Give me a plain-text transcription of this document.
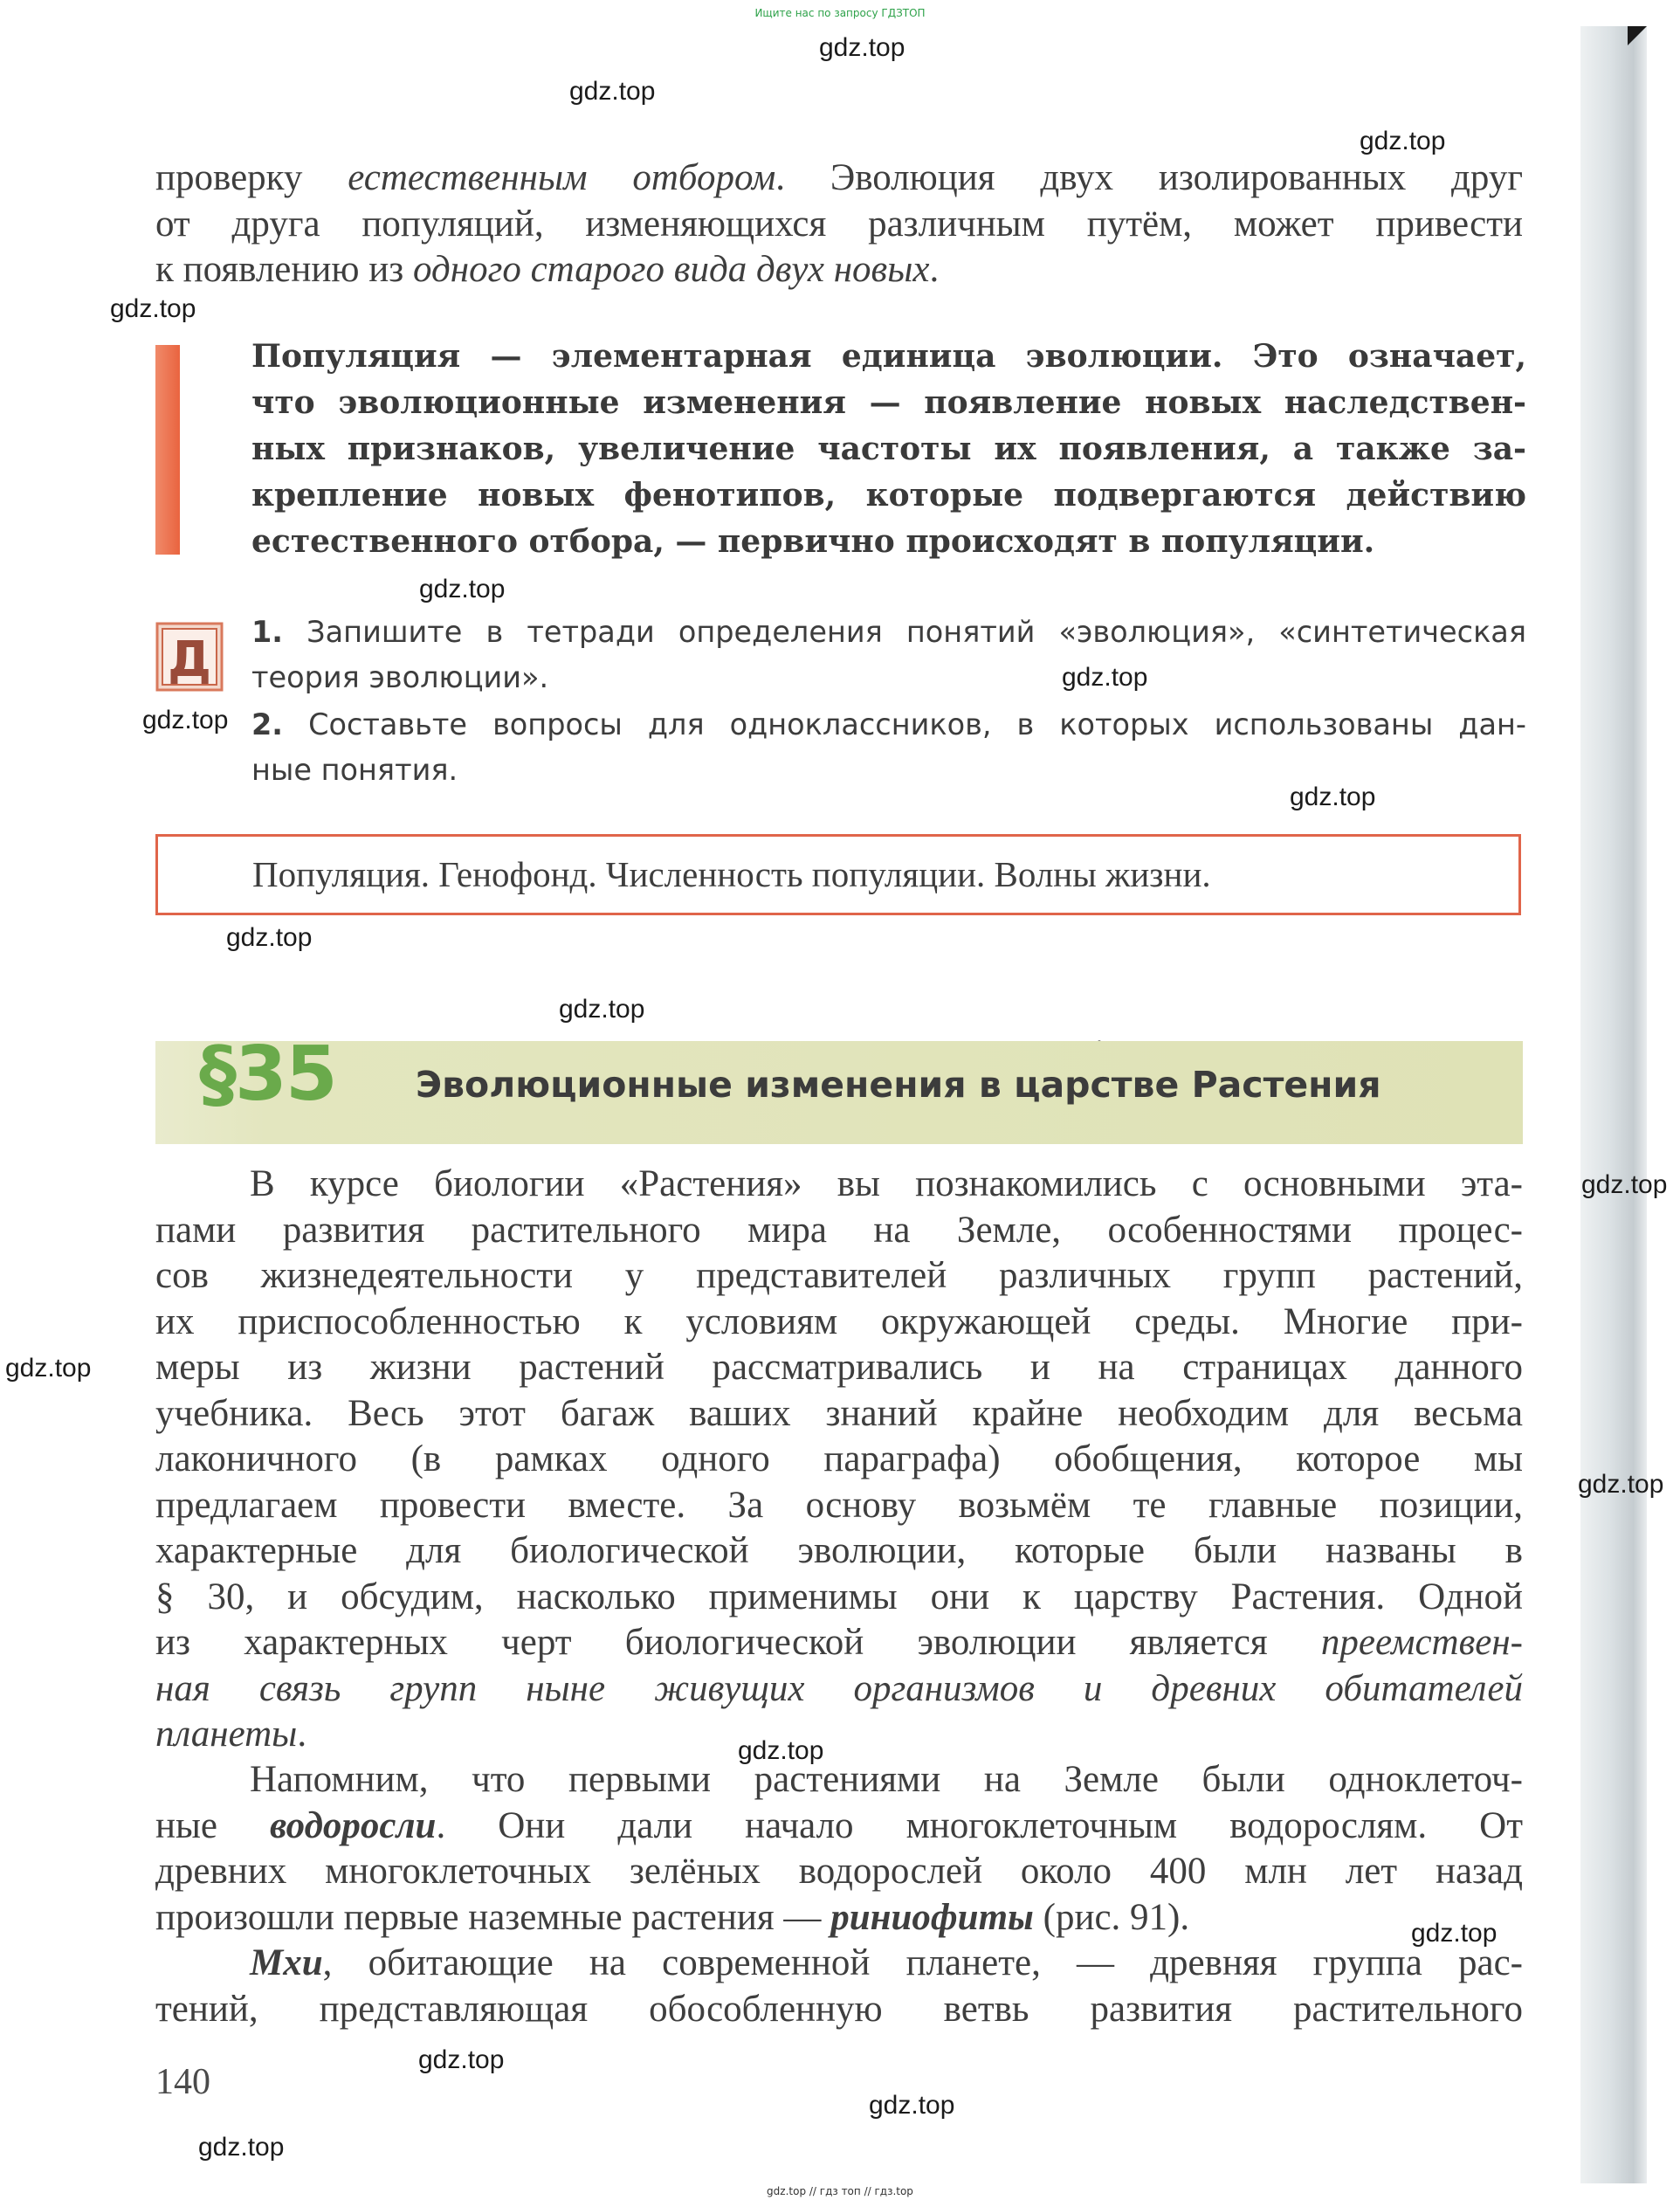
Ищите нас по запросу ГДЗТОП
gdz.top
gdz.top
gdz.top
gdz.top
gdz.top
gdz.top
gdz.top
gdz.top
gdz.top
gdz.top
gdz.top
gdz.top
gdz.top
gdz.top
gdz.top
gdz.top
gdz.top
gdz.top
проверку естественным отбором. Эволюция двух изолированных друг
от друга популяций, изменяющихся различным путём, может привести
к появлению из одного старого вида двух новых.
Популяция — элементарная единица эволюции. Это означает,
что эволюционные изменения — появление новых наследствен-
ных признаков, увеличение частоты их появления, а также за-
крепление новых фенотипов, которые подвергаются действию
естественного отбора, — первично происходят в популяции.
Д 1. Запишите в тетради определения понятий «эволюция», «синтетическая
теория эволюции».
2. Составьте вопросы для одноклассников, в которых использованы дан-
ные понятия.
Популяция. Генофонд. Численность популяции. Волны жизни.
§35 Эволюционные изменения в царстве Растения
В курсе биологии «Растения» вы познакомились с основными эта-
пами развития растительного мира на Земле, особенностями процес-
сов жизнедеятельности у представителей различных групп растений,
их приспособленностью к условиям окружающей среды. Многие при-
меры из жизни растений рассматривались и на страницах данного
учебника. Весь этот багаж ваших знаний крайне необходим для весьма
лаконичного (в рамках одного параграфа) обобщения, которое мы
предлагаем провести вместе. За основу возьмём те главные позиции,
характерные для биологической эволюции, которые были названы в
§ 30, и обсудим, насколько применимы они к царству Растения. Одной
из характерных черт биологической эволюции является преемствен-
ная связь групп ныне живущих организмов и древних обитателей
планеты.
Напомним, что первыми растениями на Земле были одноклеточ-
ные водоросли. Они дали начало многоклеточным водорослям. От
древних многоклеточных зелёных водорослей около 400 млн лет назад
произошли первые наземные растения — риниофиты (рис. 91).
Мхи, обитающие на современной планете, — древняя группа рас-
тений, представляющая обособленную ветвь развития растительного
140
gdz.top // гдз топ // гдз.top
